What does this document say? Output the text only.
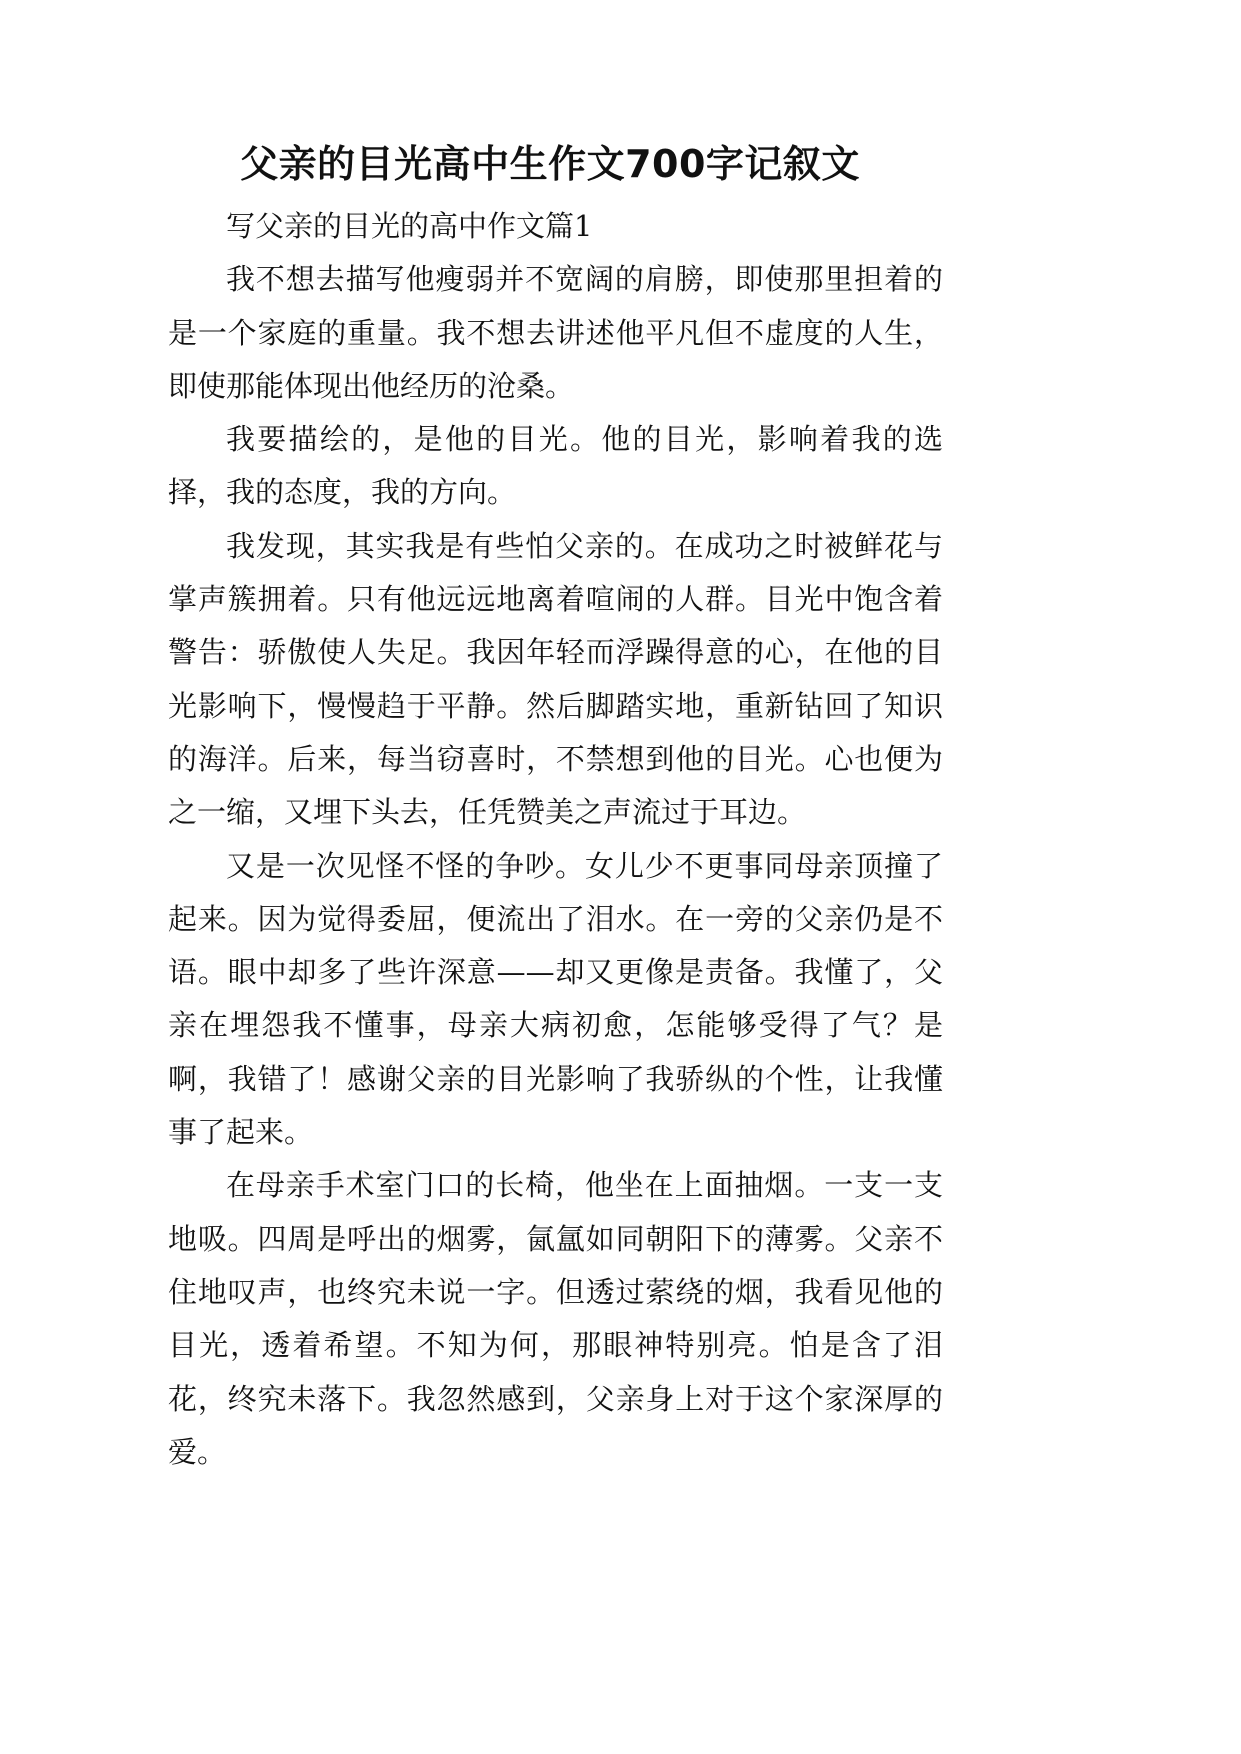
父亲的目光高中生作文700字记叙文

写父亲的目光的高中作文篇1

我不想去描写他瘦弱并不宽阔的肩膀，即使那里担着的是一个家庭的重量。我不想去讲述他平凡但不虚度的人生，即使那能体现出他经历的沧桑。

我要描绘的，是他的目光。他的目光，影响着我的选择，我的态度，我的方向。

我发现，其实我是有些怕父亲的。在成功之时被鲜花与掌声簇拥着。只有他远远地离着喧闹的人群。目光中饱含着警告：骄傲使人失足。我因年轻而浮躁得意的心，在他的目光影响下，慢慢趋于平静。然后脚踏实地，重新钻回了知识的海洋。后来，每当窃喜时，不禁想到他的目光。心也便为之一缩，又埋下头去，任凭赞美之声流过于耳边。

又是一次见怪不怪的争吵。女儿少不更事同母亲顶撞了起来。因为觉得委屈，便流出了泪水。在一旁的父亲仍是不语。眼中却多了些许深意——却又更像是责备。我懂了，父亲在埋怨我不懂事，母亲大病初愈，怎能够受得了气？是啊，我错了！感谢父亲的目光影响了我骄纵的个性，让我懂事了起来。

在母亲手术室门口的长椅，他坐在上面抽烟。一支一支地吸。四周是呼出的烟雾，氤氲如同朝阳下的薄雾。父亲不住地叹声，也终究未说一字。但透过萦绕的烟，我看见他的目光，透着希望。不知为何，那眼神特别亮。怕是含了泪花，终究未落下。我忽然感到，父亲身上对于这个家深厚的爱。
